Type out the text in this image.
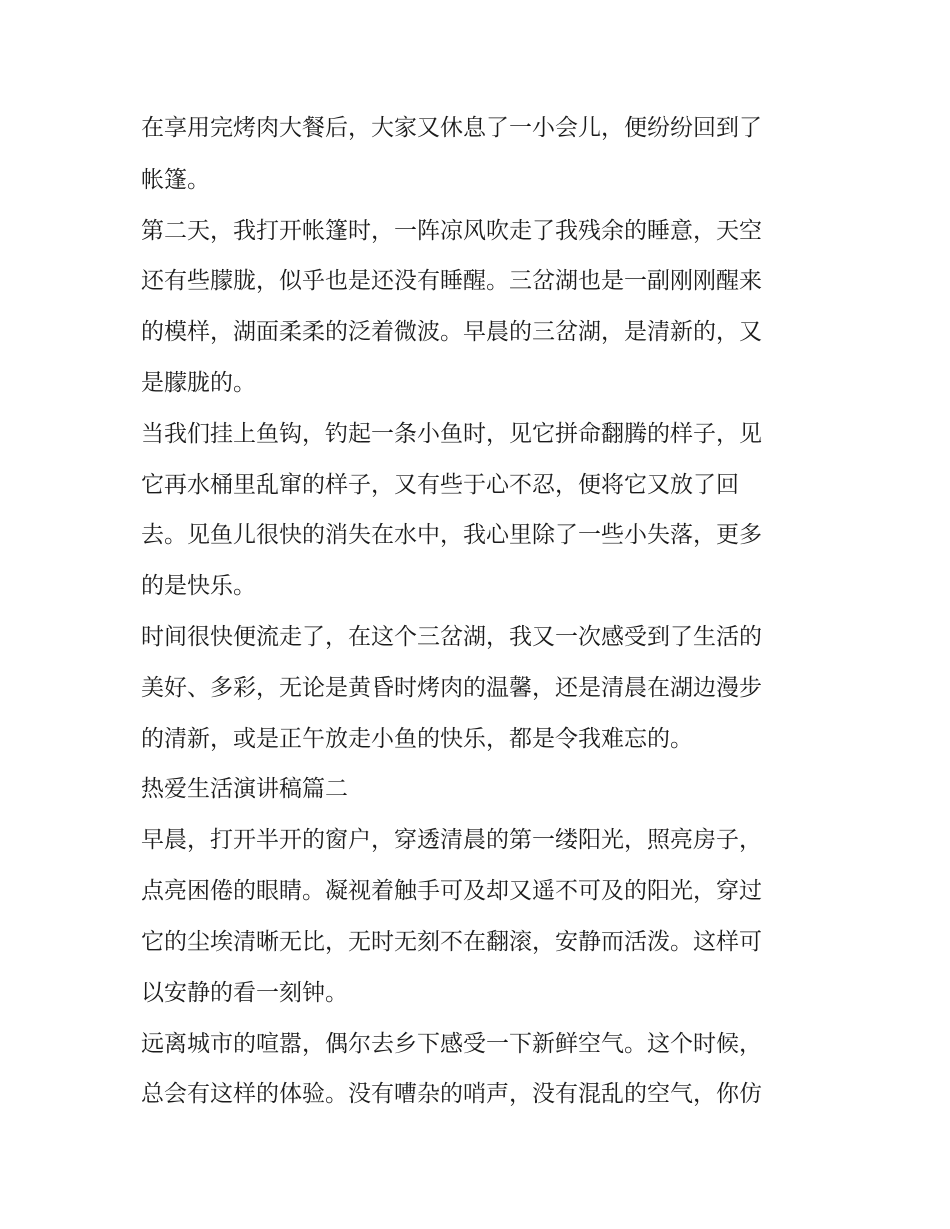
在享用完烤肉大餐后，大家又休息了一小会儿，便纷纷回到了

帐篷。

第二天，我打开帐篷时，一阵凉风吹走了我残余的睡意，天空

还有些朦胧，似乎也是还没有睡醒。三岔湖也是一副刚刚醒来

的模样，湖面柔柔的泛着微波。早晨的三岔湖，是清新的，又

是朦胧的。

当我们挂上鱼钩，钓起一条小鱼时，见它拼命翻腾的样子，见

它再水桶里乱窜的样子，又有些于心不忍，便将它又放了回

去。见鱼儿很快的消失在水中，我心里除了一些小失落，更多

的是快乐。

时间很快便流走了，在这个三岔湖，我又一次感受到了生活的

美好、多彩，无论是黄昏时烤肉的温馨，还是清晨在湖边漫步

的清新，或是正午放走小鱼的快乐，都是令我难忘的。

热爱生活演讲稿篇二

早晨，打开半开的窗户，穿透清晨的第一缕阳光，照亮房子，

点亮困倦的眼睛。凝视着触手可及却又遥不可及的阳光，穿过

它的尘埃清晰无比，无时无刻不在翻滚，安静而活泼。这样可

以安静的看一刻钟。

远离城市的喧嚣，偶尔去乡下感受一下新鲜空气。这个时候，

总会有这样的体验。没有嘈杂的哨声，没有混乱的空气，你仿
